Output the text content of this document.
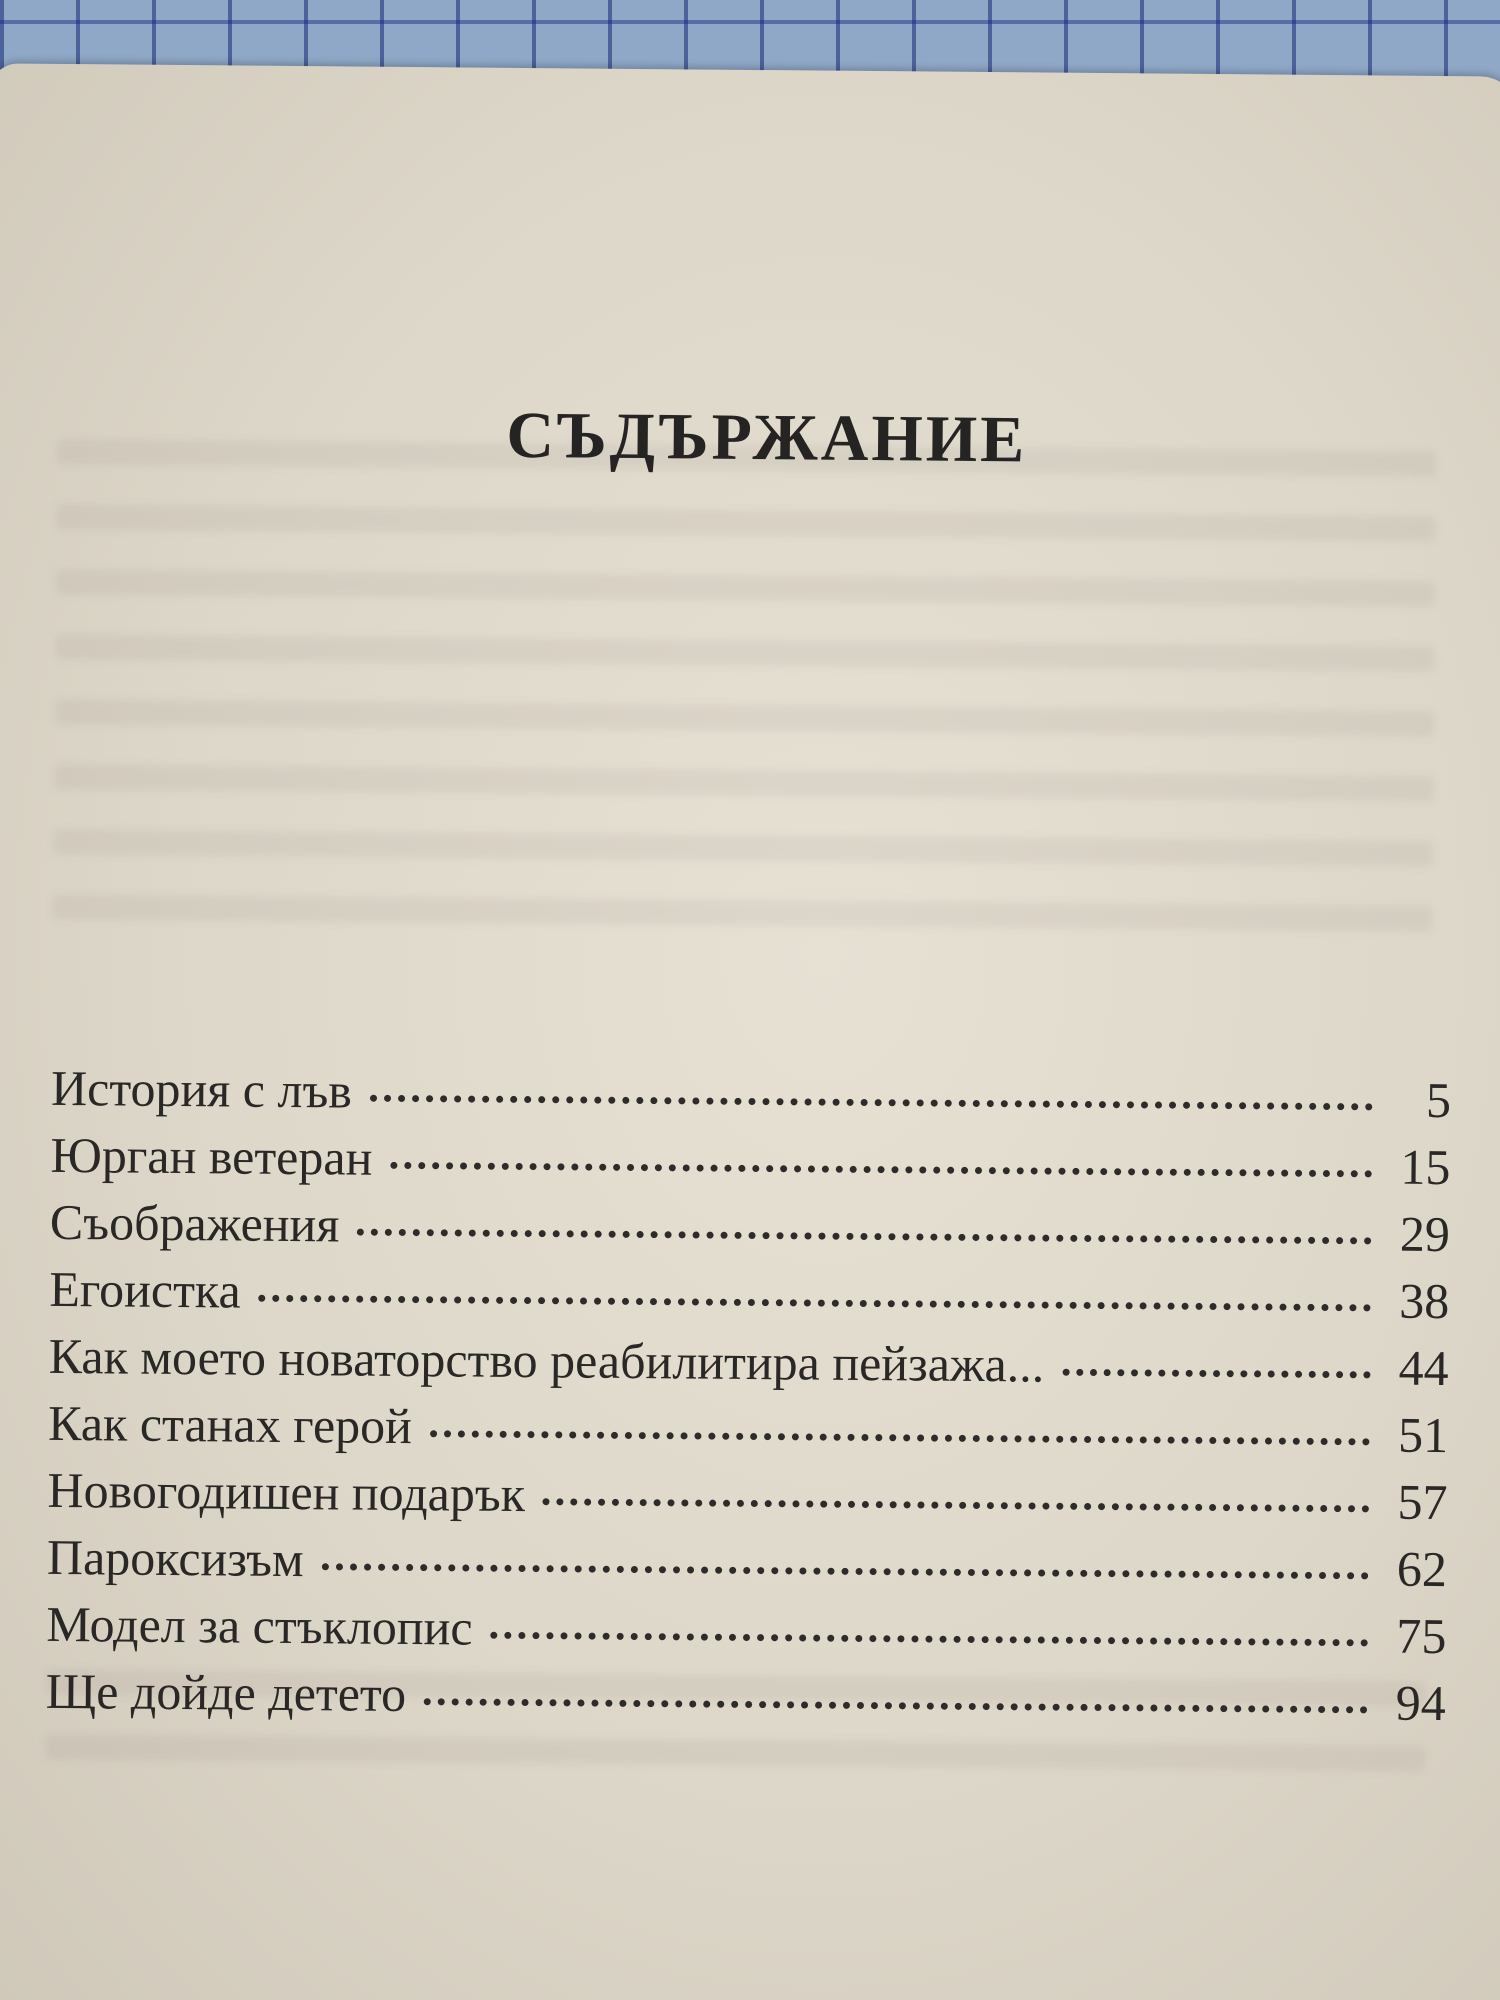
СЪДЪРЖАНИЕ
История с лъв	5
Юрган ветеран	15
Съображения	29
Егоистка	38
Как моето новаторство реабилитира пейзажа...	44
Как станах герой	51
Новогодишен подарък	57
Пароксизъм	62
Модел за стъклопис	75
Ще дойде детето	94
